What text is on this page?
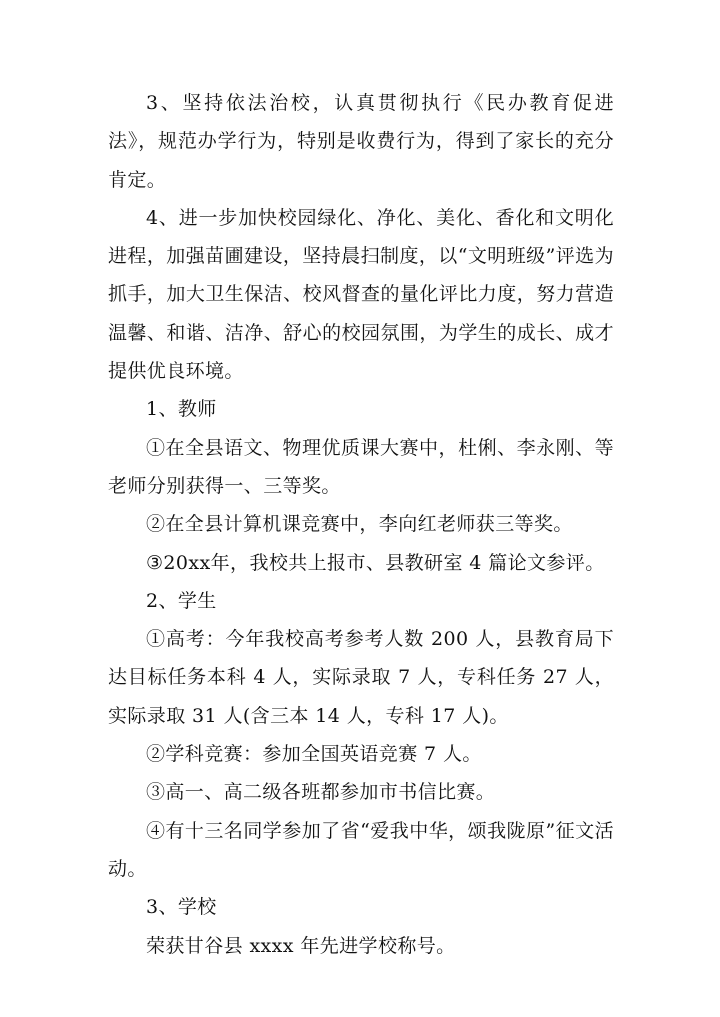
3、坚持依法治校，认真贯彻执行《民办教育促进法》，规范办学行为，特别是收费行为，得到了家长的充分肯定。

4、进一步加快校园绿化、净化、美化、香化和文明化进程，加强苗圃建设，坚持晨扫制度，以“文明班级”评选为抓手，加大卫生保洁、校风督查的量化评比力度，努力营造温馨、和谐、洁净、舒心的校园氛围，为学生的成长、成才提供优良环境。

1、教师

①在全县语文、物理优质课大赛中，杜俐、李永刚、等老师分别获得一、三等奖。

②在全县计算机课竞赛中，李向红老师获三等奖。

③20xx年，我校共上报市、县教研室 4 篇论文参评。

2、学生

①高考：今年我校高考参考人数 200 人，县教育局下达目标任务本科 4 人，实际录取 7 人，专科任务 27 人，实际录取 31 人(含三本 14 人，专科 17 人)。

②学科竞赛：参加全国英语竞赛 7 人。

③高一、高二级各班都参加市书信比赛。

④有十三名同学参加了省“爱我中华，颂我陇原”征文活动。

3、学校

荣获甘谷县 xxxx 年先进学校称号。
